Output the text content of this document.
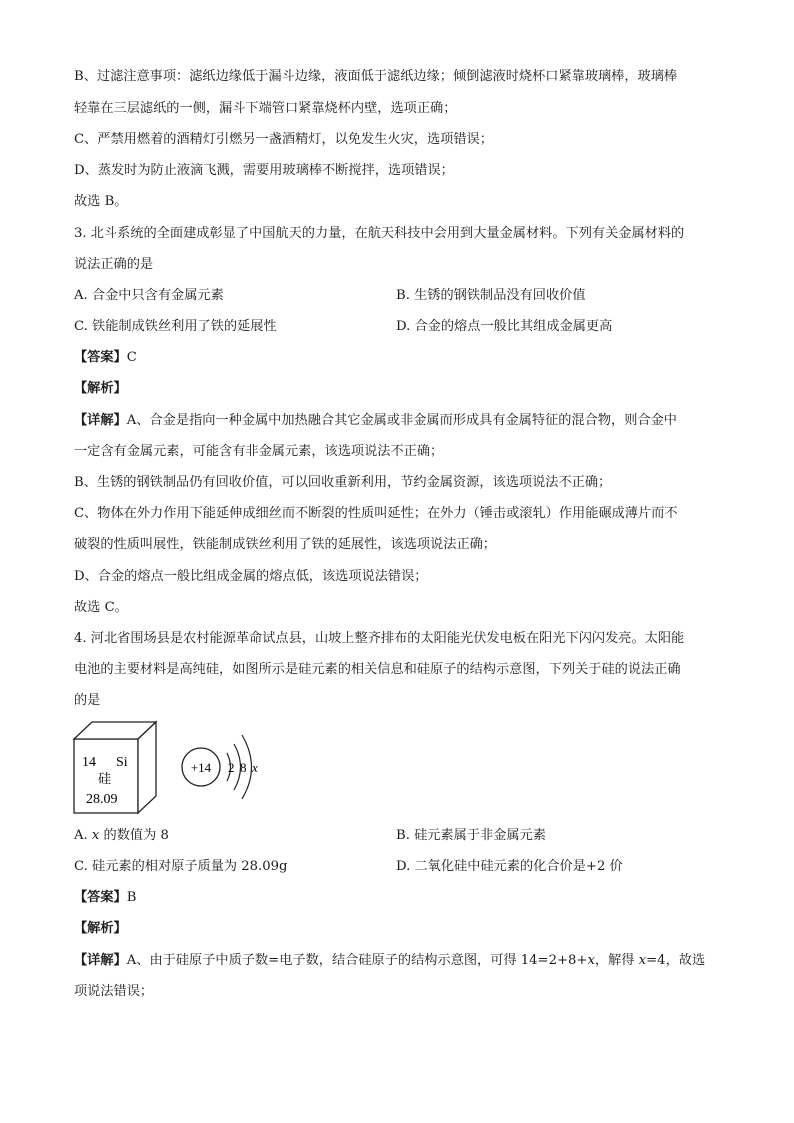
B、过滤注意事项：滤纸边缘低于漏斗边缘，液面低于滤纸边缘；倾倒滤液时烧杯口紧靠玻璃棒，玻璃棒
轻靠在三层滤纸的一侧，漏斗下端管口紧靠烧杯内壁，选项正确；
C、严禁用燃着的酒精灯引燃另一盏酒精灯，以免发生火灾，选项错误；
D、蒸发时为防止液滴飞溅，需要用玻璃棒不断搅拌，选项错误；
故选 B。
3. 北斗系统的全面建成彰显了中国航天的力量，在航天科技中会用到大量金属材料。下列有关金属材料的
说法正确的是
A. 合金中只含有金属元素	B. 生锈的钢铁制品没有回收价值
C. 铁能制成铁丝利用了铁的延展性	D. 合金的熔点一般比其组成金属更高
【答案】C
【解析】
【详解】A、合金是指向一种金属中加热融合其它金属或非金属而形成具有金属特征的混合物，则合金中
一定含有金属元素，可能含有非金属元素，该选项说法不正确；
B、生锈的钢铁制品仍有回收价值，可以回收重新利用，节约金属资源，该选项说法不正确；
C、物体在外力作用下能延伸成细丝而不断裂的性质叫延性；在外力（锤击或滚轧）作用能碾成薄片而不
破裂的性质叫展性，铁能制成铁丝利用了铁的延展性，该选项说法正确；
D、合金的熔点一般比组成金属的熔点低，该选项说法错误；
故选 C。
4. 河北省围场县是农村能源革命试点县，山坡上整齐排布的太阳能光伏发电板在阳光下闪闪发亮。太阳能
电池的主要材料是高纯硅，如图所示是硅元素的相关信息和硅原子的结构示意图，下列关于硅的说法正确
的是
14 Si
硅
28.09
+14 2 8 x
A. x 的数值为 8	B. 硅元素属于非金属元素
C. 硅元素的相对原子质量为 28.09g	D. 二氧化硅中硅元素的化合价是+2 价
【答案】B
【解析】
【详解】A、由于硅原子中质子数=电子数，结合硅原子的结构示意图，可得 14=2+8+x，解得 x=4，故选
项说法错误；
